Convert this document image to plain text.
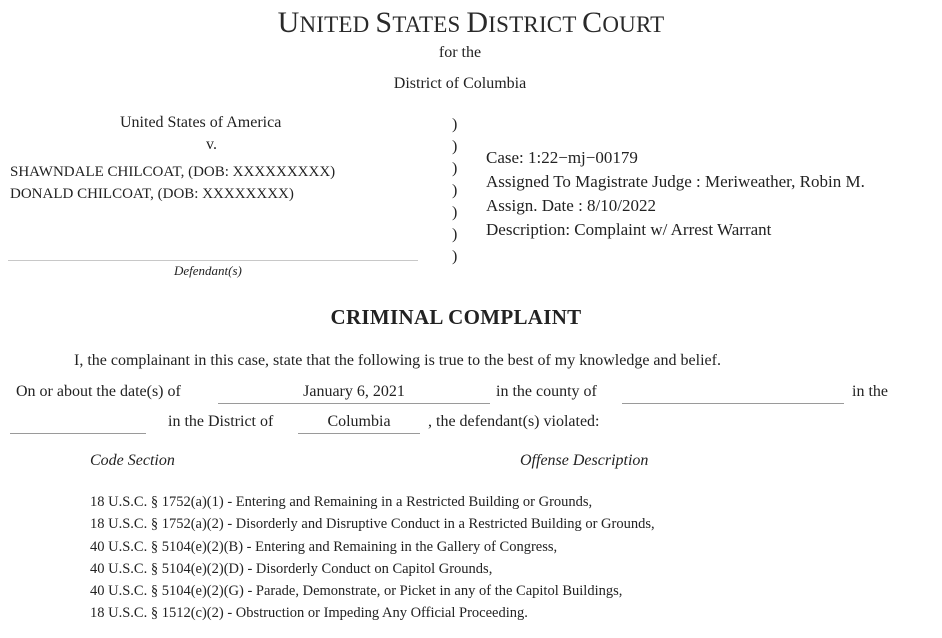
UNITED STATES DISTRICT COURT
for the
District of Columbia
United States of America
v.
SHAWNDALE CHILCOAT, (DOB: XXXXXXXXX)
DONALD CHILCOAT, (DOB: XXXXXXXX)
Defendant(s)
)
)
)
)
)
)
)
Case: 1:22−mj−00179
Assigned To Magistrate Judge : Meriweather, Robin M.
Assign. Date : 8/10/2022
Description: Complaint w/ Arrest Warrant
CRIMINAL COMPLAINT
I, the complainant in this case, state that the following is true to the best of my knowledge and belief.
On or about the date(s) of	January 6, 2021	in the county of	in the
in the District of	Columbia	, the defendant(s) violated:
Code Section	Offense Description
18 U.S.C. § 1752(a)(1) - Entering and Remaining in a Restricted Building or Grounds,
18 U.S.C. § 1752(a)(2) - Disorderly and Disruptive Conduct in a Restricted Building or Grounds,
40 U.S.C. § 5104(e)(2)(B) - Entering and Remaining in the Gallery of Congress,
40 U.S.C. § 5104(e)(2)(D) - Disorderly Conduct on Capitol Grounds,
40 U.S.C. § 5104(e)(2)(G) - Parade, Demonstrate, or Picket in any of the Capitol Buildings,
18 U.S.C. § 1512(c)(2) - Obstruction or Impeding Any Official Proceeding.
